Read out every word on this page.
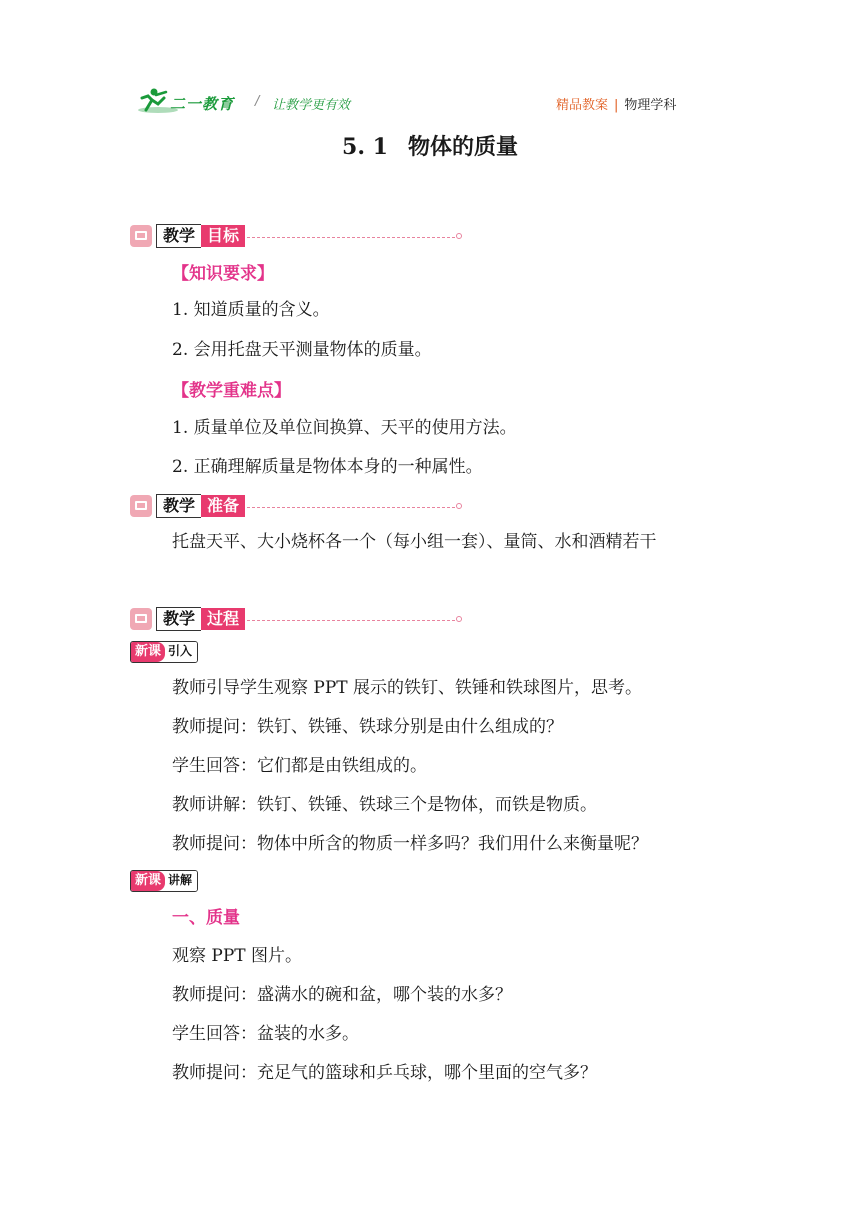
二一教育 / 让教学更有效	精品教案 | 物理学科
5. 1 物体的质量
教学 目标
【知识要求】
1. 知道质量的含义。
2. 会用托盘天平测量物体的质量。
【教学重难点】
1. 质量单位及单位间换算、天平的使用方法。
2. 正确理解质量是物体本身的一种属性。
教学 准备
托盘天平、大小烧杯各一个（每小组一套）、量筒、水和酒精若干
教学 过程
新课 引入
教师引导学生观察 PPT 展示的铁钉、铁锤和铁球图片，思考。
教师提问：铁钉、铁锤、铁球分别是由什么组成的？
学生回答：它们都是由铁组成的。
教师讲解：铁钉、铁锤、铁球三个是物体，而铁是物质。
教师提问：物体中所含的物质一样多吗？我们用什么来衡量呢？
新课 讲解
一、质量
观察 PPT 图片。
教师提问：盛满水的碗和盆，哪个装的水多？
学生回答：盆装的水多。
教师提问：充足气的篮球和乒乓球，哪个里面的空气多？
